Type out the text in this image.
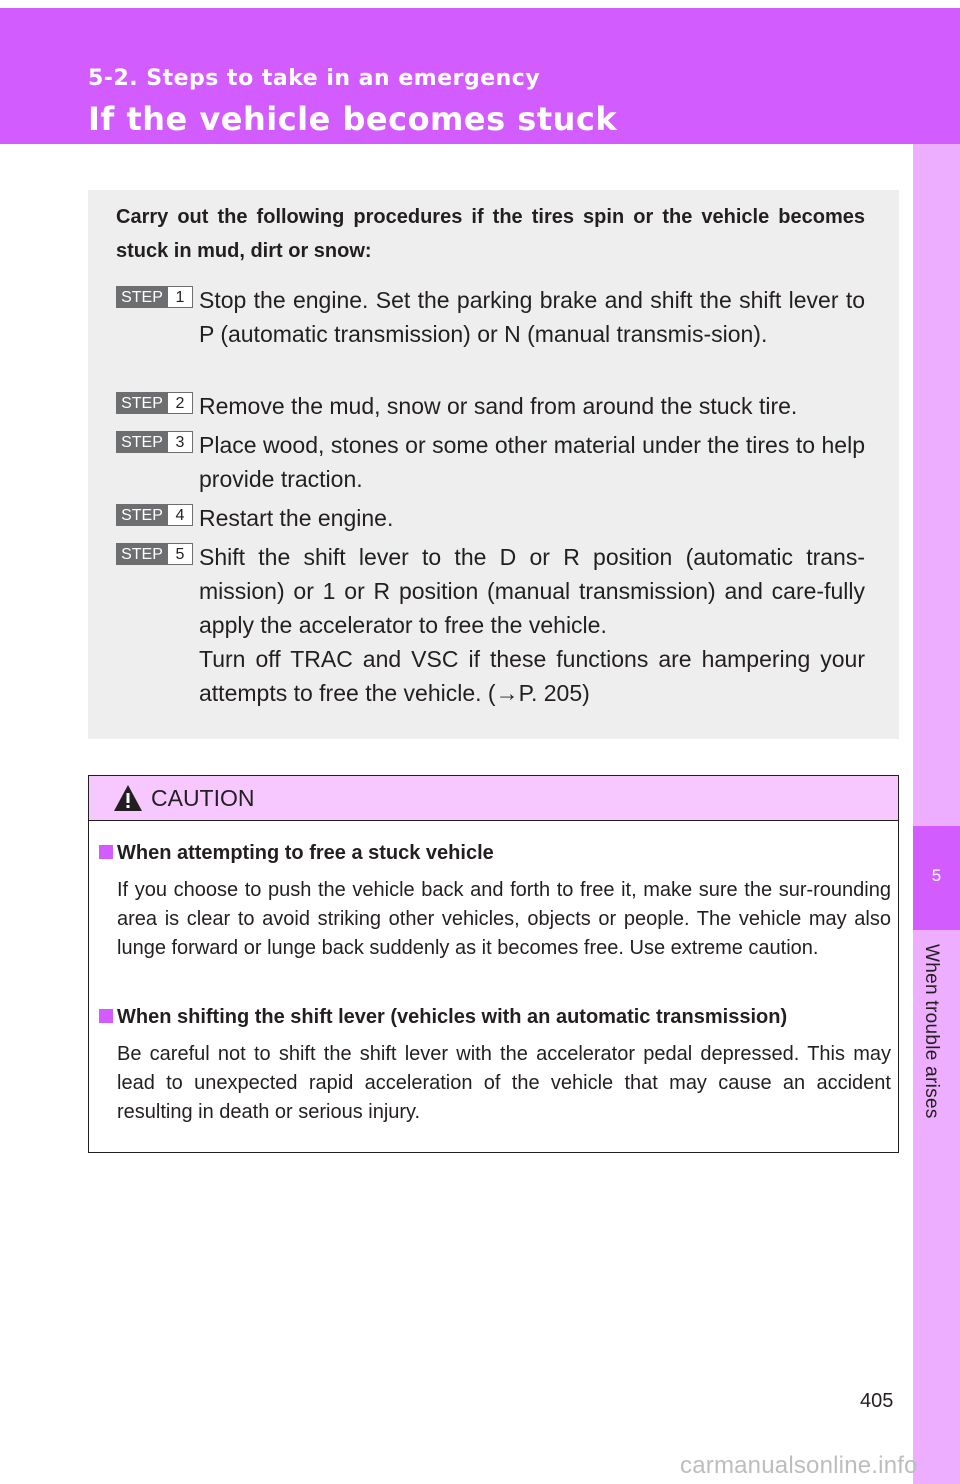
5-2. Steps to take in an emergency
If the vehicle becomes stuck
5
When trouble arises
Carry out the following procedures if the tires spin or the vehicle becomes stuck in mud, dirt or snow:
STEP 1 Stop the engine. Set the parking brake and shift the shift lever to P (automatic transmission) or N (manual transmis-sion).
STEP 2 Remove the mud, snow or sand from around the stuck tire.
STEP 3 Place wood, stones or some other material under the tires to help provide traction.
STEP 4 Restart the engine.
STEP 5 Shift the shift lever to the D or R position (automatic trans-mission) or 1 or R position (manual transmission) and care-fully apply the accelerator to free the vehicle.
Turn off TRAC and VSC if these functions are hampering your attempts to free the vehicle. (→P. 205)
CAUTION
When attempting to free a stuck vehicle
If you choose to push the vehicle back and forth to free it, make sure the sur-rounding area is clear to avoid striking other vehicles, objects or people. The vehicle may also lunge forward or lunge back suddenly as it becomes free. Use extreme caution.
When shifting the shift lever (vehicles with an automatic transmission)
Be careful not to shift the shift lever with the accelerator pedal depressed. This may lead to unexpected rapid acceleration of the vehicle that may cause an accident resulting in death or serious injury.
405
carmanualsonline.info
